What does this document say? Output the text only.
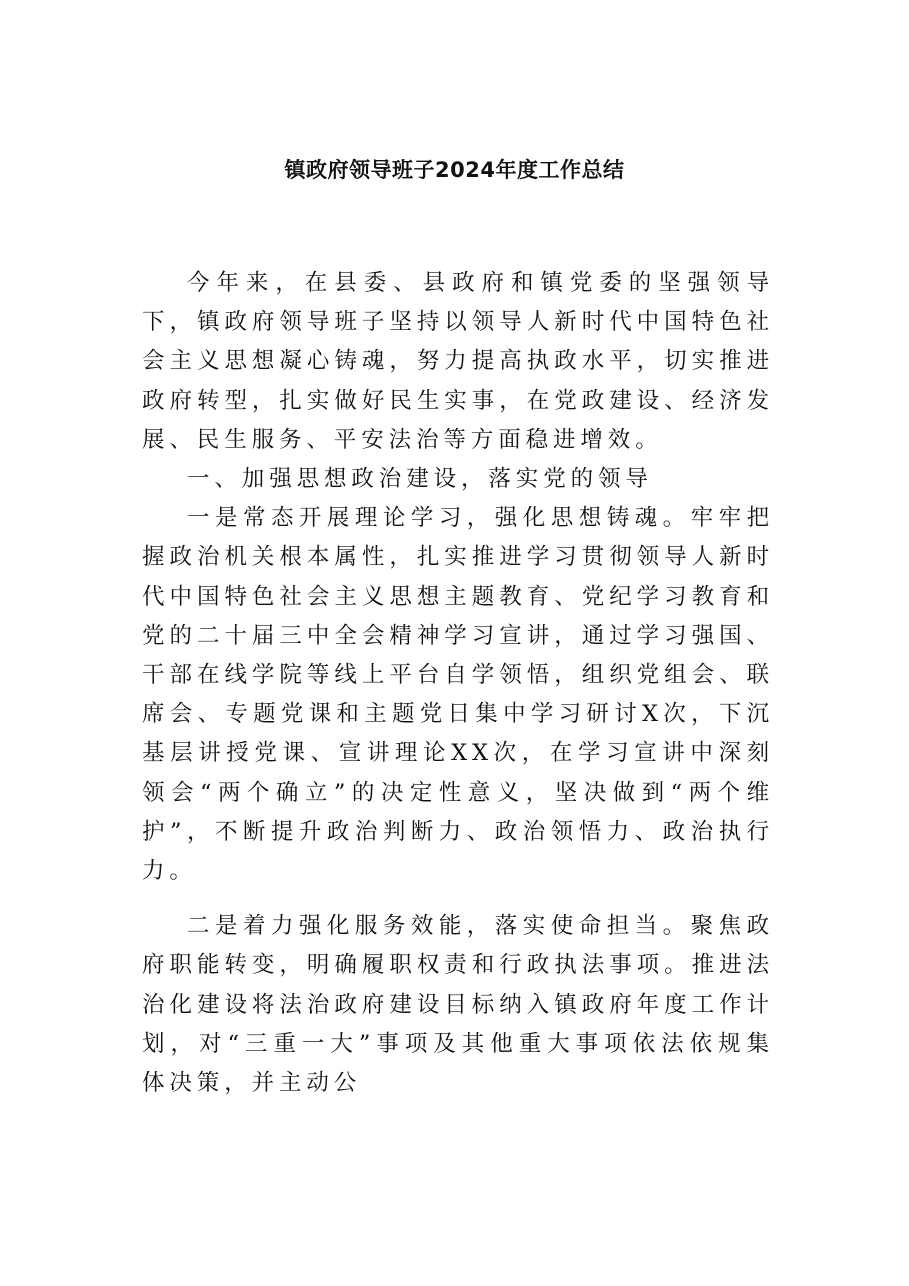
镇政府领导班子2024年度工作总结

今年来，在县委、县政府和镇党委的坚强领导下，镇政府领导班子坚持以领导人新时代中国特色社会主义思想凝心铸魂，努力提高执政水平，切实推进政府转型，扎实做好民生实事，在党政建设、经济发展、民生服务、平安法治等方面稳进增效。

一、加强思想政治建设，落实党的领导

一是常态开展理论学习，强化思想铸魂。牢牢把握政治机关根本属性，扎实推进学习贯彻领导人新时代中国特色社会主义思想主题教育、党纪学习教育和党的二十届三中全会精神学习宣讲，通过学习强国、干部在线学院等线上平台自学领悟，组织党组会、联席会、专题党课和主题党日集中学习研讨X次，下沉基层讲授党课、宣讲理论XX次，在学习宣讲中深刻领会“两个确立”的决定性意义，坚决做到“两个维护”，不断提升政治判断力、政治领悟力、政治执行力。

二是着力强化服务效能，落实使命担当。聚焦政府职能转变，明确履职权责和行政执法事项。推进法治化建设将法治政府建设目标纳入镇政府年度工作计划，对“三重一大”事项及其他重大事项依法依规集体决策，并主动公
